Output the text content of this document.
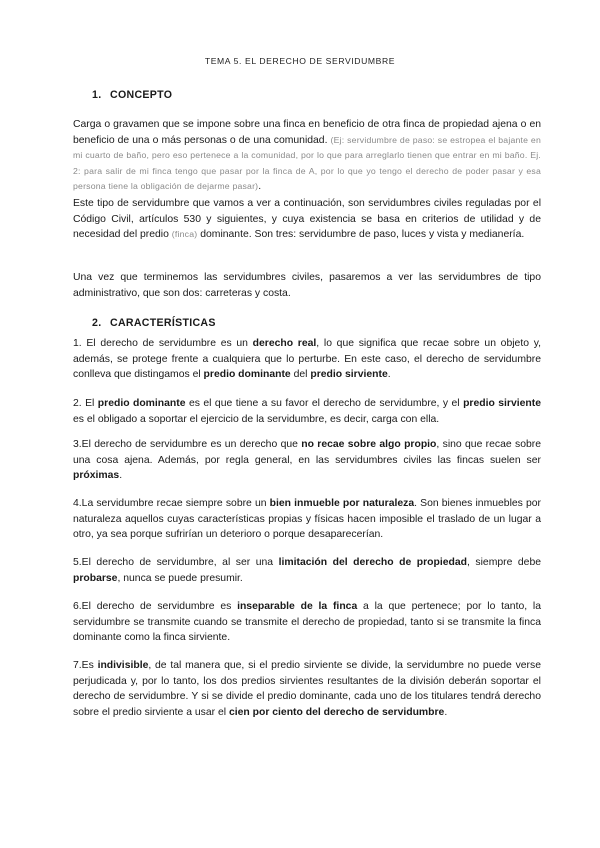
TEMA 5. EL DERECHO DE SERVIDUMBRE
1. CONCEPTO

Carga o gravamen que se impone sobre una finca en beneficio de otra finca de propiedad ajena o en beneficio de una o más personas o de una comunidad. (Ej: servidumbre de paso: se estropea el bajante en mi cuarto de baño, pero eso pertenece a la comunidad, por lo que para arreglarlo tienen que entrar en mi baño. Ej. 2: para salir de mi finca tengo que pasar por la finca de A, por lo que yo tengo el derecho de poder pasar y esa persona tiene la obligación de dejarme pasar).

Este tipo de servidumbre que vamos a ver a continuación, son servidumbres civiles reguladas por el Código Civil, artículos 530 y siguientes, y cuya existencia se basa en criterios de utilidad y de necesidad del predio (finca) dominante. Son tres: servidumbre de paso, luces y vista y medianería.

Una vez que terminemos las servidumbres civiles, pasaremos a ver las servidumbres de tipo administrativo, que son dos: carreteras y costa.

2. CARACTERÍSTICAS

1. El derecho de servidumbre es un derecho real, lo que significa que recae sobre un objeto y, además, se protege frente a cualquiera que lo perturbe. En este caso, el derecho de servidumbre conlleva que distingamos el predio dominante del predio sirviente.

2. El predio dominante es el que tiene a su favor el derecho de servidumbre, y el predio sirviente es el obligado a soportar el ejercicio de la servidumbre, es decir, carga con ella.

3.El derecho de servidumbre es un derecho que no recae sobre algo propio, sino que recae sobre una cosa ajena. Además, por regla general, en las servidumbres civiles las fincas suelen ser próximas.

4.La servidumbre recae siempre sobre un bien inmueble por naturaleza. Son bienes inmuebles por naturaleza aquellos cuyas características propias y físicas hacen imposible el traslado de un lugar a otro, ya sea porque sufrirían un deterioro o porque desaparecerían.

5.El derecho de servidumbre, al ser una limitación del derecho de propiedad, siempre debe probarse, nunca se puede presumir.

6.El derecho de servidumbre es inseparable de la finca a la que pertenece; por lo tanto, la servidumbre se transmite cuando se transmite el derecho de propiedad, tanto si se transmite la finca dominante como la finca sirviente.

7.Es indivisible, de tal manera que, si el predio sirviente se divide, la servidumbre no puede verse perjudicada y, por lo tanto, los dos predios sirvientes resultantes de la división deberán soportar el derecho de servidumbre. Y si se divide el predio dominante, cada uno de los titulares tendrá derecho sobre el predio sirviente a usar el cien por ciento del derecho de servidumbre.
